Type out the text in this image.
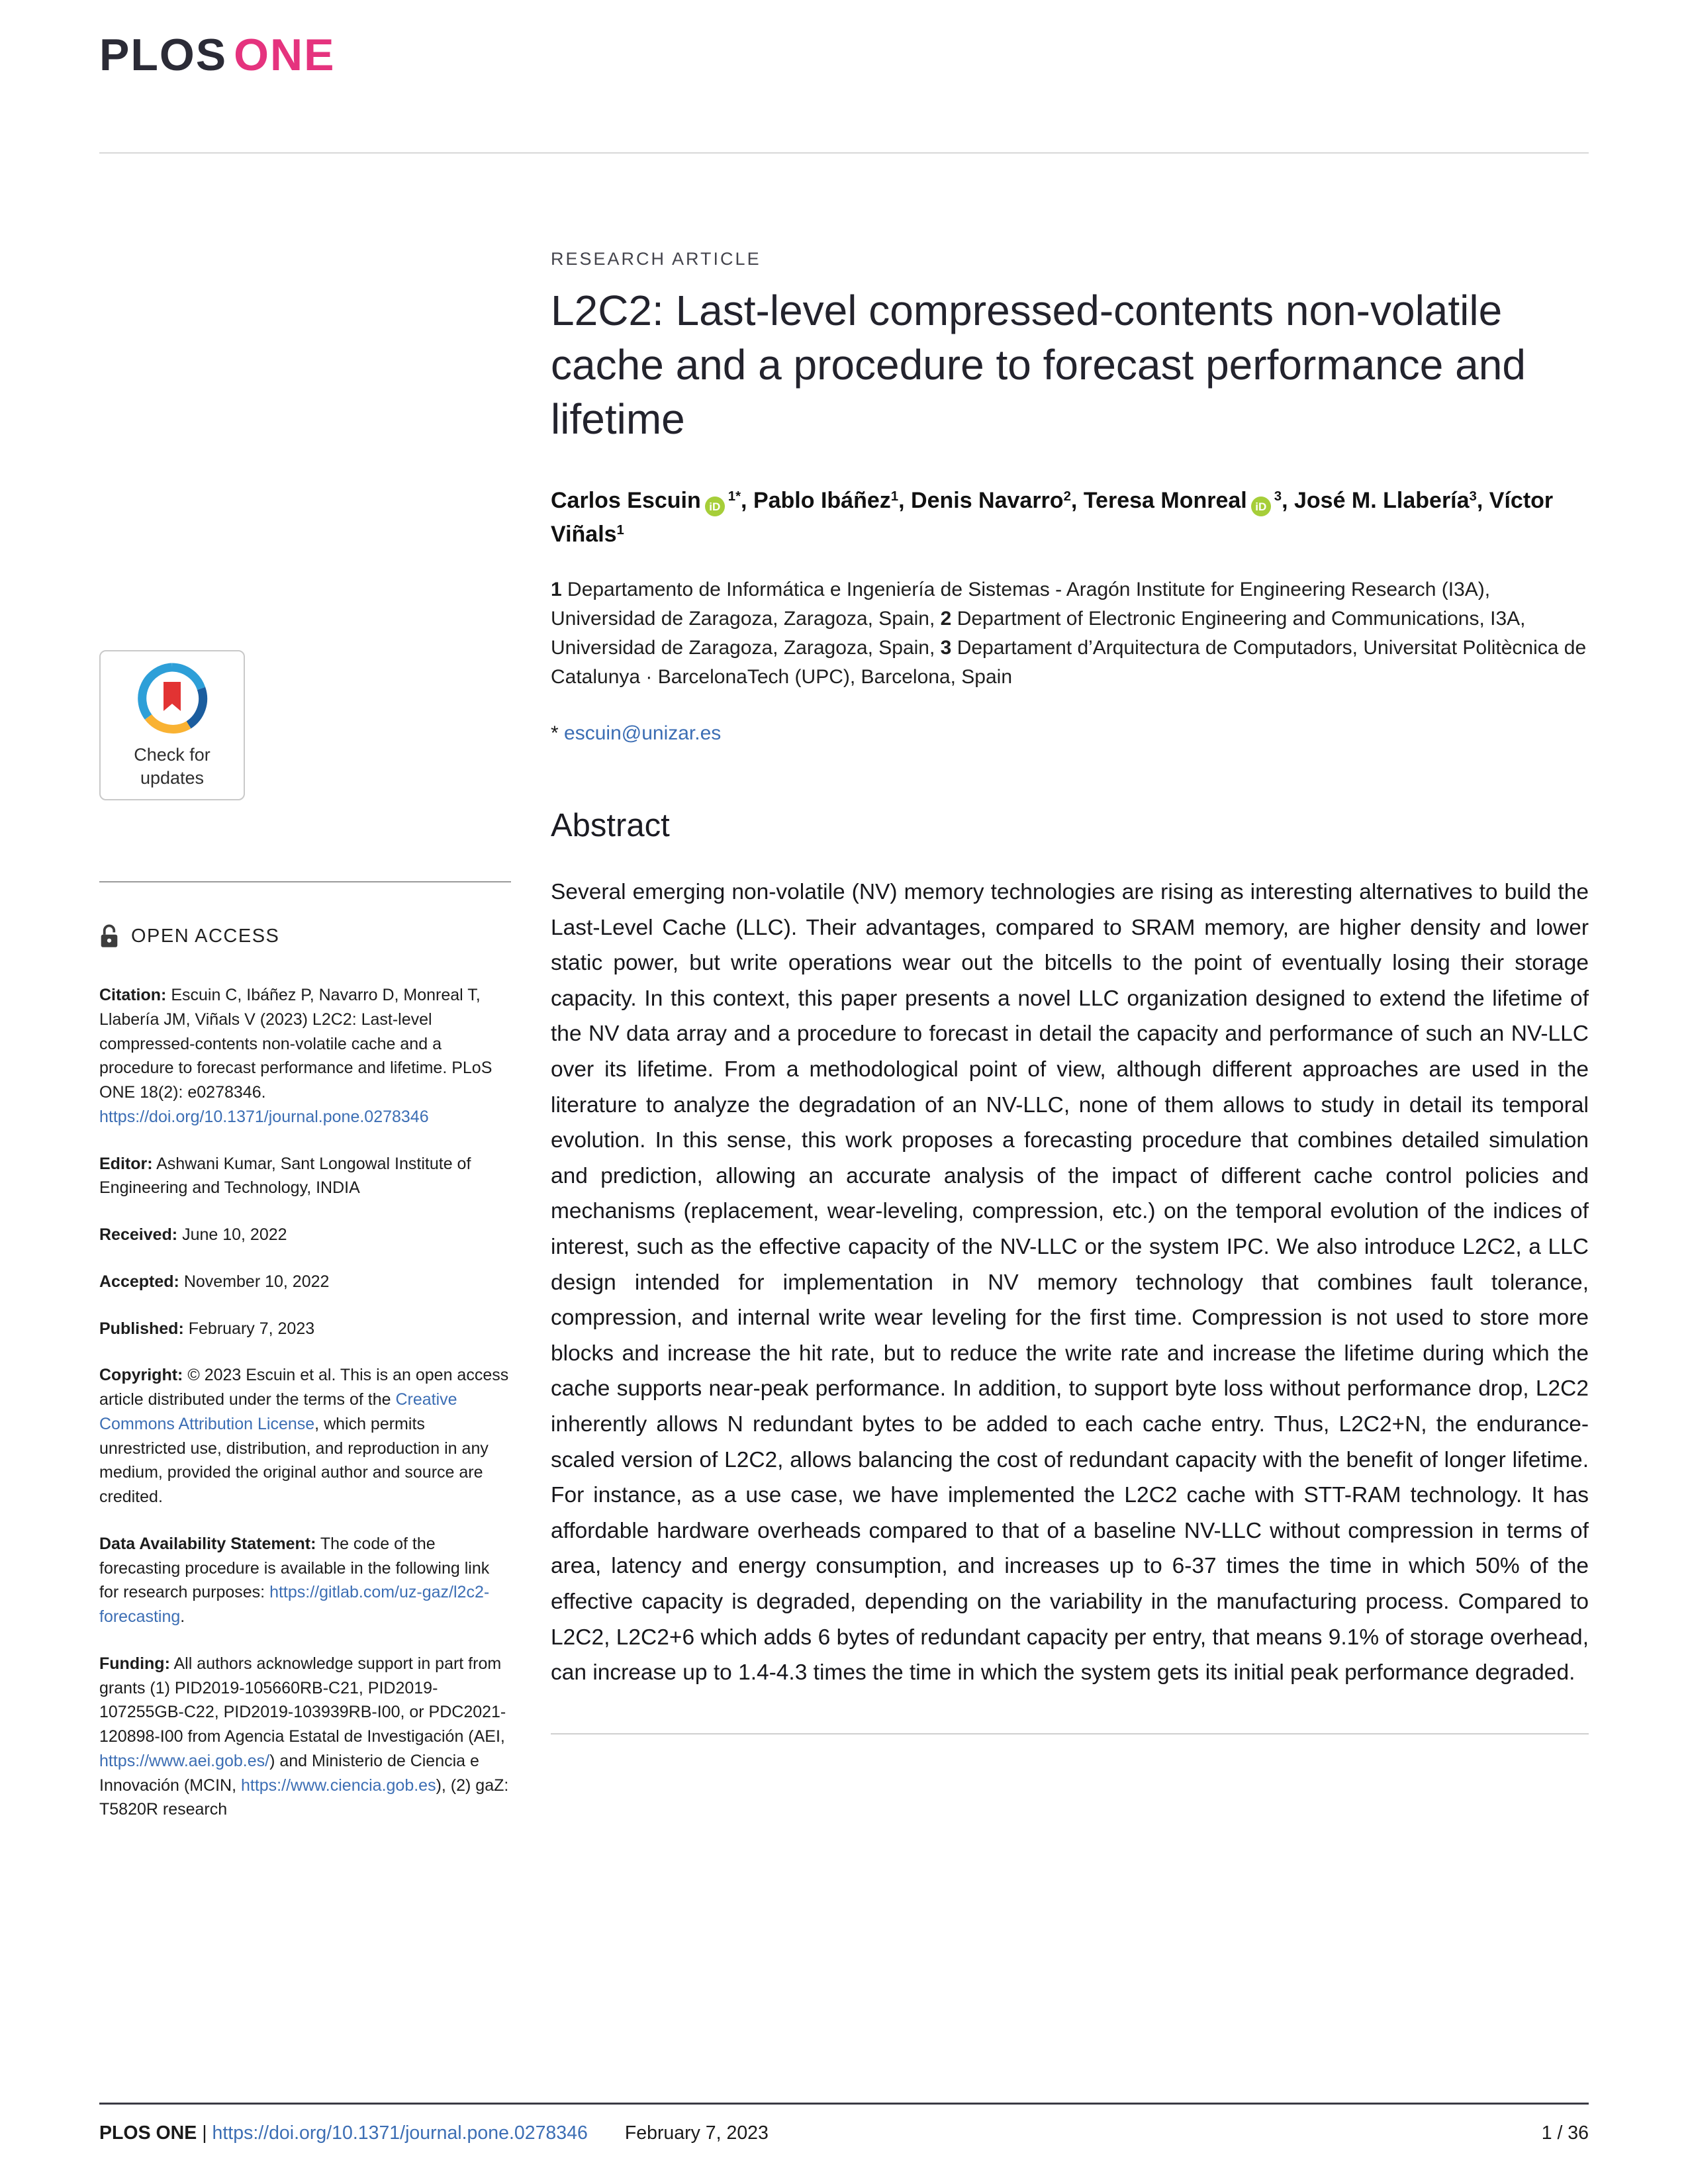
PLOS ONE
Check for
updates
OPEN ACCESS

Citation: Escuin C, Ibáñez P, Navarro D, Monreal T, Llabería JM, Viñals V (2023) L2C2: Last-level compressed-contents non-volatile cache and a procedure to forecast performance and lifetime. PLoS ONE 18(2): e0278346. https://doi.org/10.1371/journal.pone.0278346

Editor: Ashwani Kumar, Sant Longowal Institute of Engineering and Technology, INDIA

Received: June 10, 2022

Accepted: November 10, 2022

Published: February 7, 2023

Copyright: © 2023 Escuin et al. This is an open access article distributed under the terms of the Creative Commons Attribution License, which permits unrestricted use, distribution, and reproduction in any medium, provided the original author and source are credited.

Data Availability Statement: The code of the forecasting procedure is available in the following link for research purposes: https://gitlab.com/uz-gaz/l2c2-forecasting.

Funding: All authors acknowledge support in part from grants (1) PID2019-105660RB-C21, PID2019-107255GB-C22, PID2019-103939RB-I00, or PDC2021-120898-I00 from Agencia Estatal de Investigación (AEI, https://www.aei.gob.es/) and Ministerio de Ciencia e Innovación (MCIN, https://www.ciencia.gob.es), (2) gaZ: T5820R research

RESEARCH ARTICLE
L2C2: Last-level compressed-contents non-volatile cache and a procedure to forecast performance and lifetime

Carlos Escuin $iD^{1*}$, Pablo Ibáñez$^1$, Denis Navarro$^2$, Teresa Monreal $iD^3$, José M. Llabería$^3$, Víctor Viñals$^1$

1 Departamento de Informática e Ingeniería de Sistemas - Aragón Institute for Engineering Research (I3A), Universidad de Zaragoza, Zaragoza, Spain, 2 Department of Electronic Engineering and Communications, I3A, Universidad de Zaragoza, Zaragoza, Spain, 3 Departament d’Arquitectura de Computadors, Universitat Politècnica de Catalunya · BarcelonaTech (UPC), Barcelona, Spain

* escuin@unizar.es

Abstract

Several emerging non-volatile (NV) memory technologies are rising as interesting alternatives to build the Last-Level Cache (LLC). Their advantages, compared to SRAM memory, are higher density and lower static power, but write operations wear out the bitcells to the point of eventually losing their storage capacity. In this context, this paper presents a novel LLC organization designed to extend the lifetime of the NV data array and a procedure to forecast in detail the capacity and performance of such an NV-LLC over its lifetime. From a methodological point of view, although different approaches are used in the literature to analyze the degradation of an NV-LLC, none of them allows to study in detail its temporal evolution. In this sense, this work proposes a forecasting procedure that combines detailed simulation and prediction, allowing an accurate analysis of the impact of different cache control policies and mechanisms (replacement, wear-leveling, compression, etc.) on the temporal evolution of the indices of interest, such as the effective capacity of the NV-LLC or the system IPC. We also introduce L2C2, a LLC design intended for implementation in NV memory technology that combines fault tolerance, compression, and internal write wear leveling for the first time. Compression is not used to store more blocks and increase the hit rate, but to reduce the write rate and increase the lifetime during which the cache supports near-peak performance. In addition, to support byte loss without performance drop, L2C2 inherently allows N redundant bytes to be added to each cache entry. Thus, L2C2+N, the endurance-scaled version of L2C2, allows balancing the cost of redundant capacity with the benefit of longer lifetime. For instance, as a use case, we have implemented the L2C2 cache with STT-RAM technology. It has affordable hardware overheads compared to that of a baseline NV-LLC without compression in terms of area, latency and energy consumption, and increases up to 6-37 times the time in which 50% of the effective capacity is degraded, depending on the variability in the manufacturing process. Compared to L2C2, L2C2+6 which adds 6 bytes of redundant capacity per entry, that means 9.1% of storage overhead, can increase up to 1.4-4.3 times the time in which the system gets its initial peak performance degraded.

PLOS ONE | https://doi.org/10.1371/journal.pone.0278346 February 7, 2023	1 / 36
